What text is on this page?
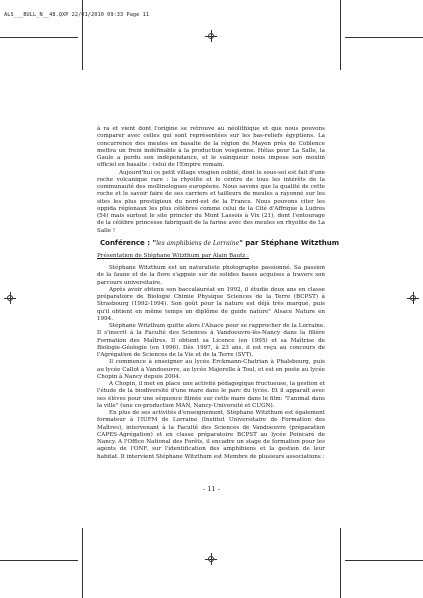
ALS___BULL_N__48.QXP 22/01/2010 09:33 Page 11

à ra et vient dont l'origine se retrouve au néolithique et que nous pouvons comparer avec celles qui sont représentées sur les bas-reliefs égyptiens. La concurrence des meules en basalte de la région de Mayen près de Coblence mettra un frein indéfinable à la production vosgienne. Hélas pour La Salle, la Gaule a perdu son indépendance, et le vainqueur nous impose son moulin officiel en basalte : celui de l'Empire romain.

Aujourd'hui ce petit village vosgien oublié, dont le sous-sol est fait d'une roche volcanique rare : la rhyolite et le centre de tous les intérêts de la communauté des mollinologues européens. Nous savons que la qualité de cette roche et le savoir faire de ses carriers et tailleurs de meules a rayonné sur les sites les plus prestigieux du nord-est de la France. Nous pouvons citer les oppida régionaux les plus célèbres comme celui de la Cité d'Affrique à Ludres (54) mais surtout le site princier du Mont Lassois à Vix (21), dont l'entourage de la célèbre princesse fabriquait de la farine avec des meules en rhyolite de La Salle !

Conférence : "les amphibiens de Lorraine" par Stéphane Witzthum

Présentation de Stéphane Witzthum par Alain Bautz :

Stéphane Witzthum est un naturaliste photographe passionné. Sa passion de la faune et de la flore s'appuie sur de solides bases acquises à travers son parcours universitaire.

Après avoir obtenu son baccalauréat en 1992, il étudie deux ans en classe préparatoire de Biologie Chimie Physique Sciences de la Terre (BCPST) à Strasbourg (1992-1994). Son goût pour la nature est déjà très marqué, puis qu'il obtient en même temps un diplôme de guide nature" Alsace Nature en 1994.

Stéphane Witzthum quitte alors l'Alsace pour se rapprocher de la Lorraine. Il s'inscrit à la Faculté des Sciences à Vandoeuvre-lès-Nancy dans la filière Formation des Maîtres. Il obtient sa Licence (en 1995) et sa Maîtrise de Biologie-Géologie (en 1996). Dès 1997, à 23 ans, il est reçu au concours de l'Agrégation de Sciences de la Vie et de la Terre (SVT).

Il commence à enseigner au lycée Erckmann-Chatrian à Phalsbourg, puis au lycée Callot à Vandoeuvre, au lycée Majorelle à Toul, et est en poste au lycée Chopin à Nancy depuis 2004.

A Chopin, il met en place une activité pédagogique fructueuse, la gestion et l'étude de la biodiversité d'une mare dans le parc du lycée. Et il apparaît avec ses élèves pour une séquence filmée sur cette mare dans le film: "l'animal dans la ville" (une co-production MAN, Nancy-Université et CUGN).

En plus de ses activités d'enseignement, Stéphane Witzthum est également formateur à l'IUFM de Lorraine (Institut Universitaire de Formation des Maîtres), intervenant à la Faculté des Sciences de Vandoeuvre (préparation CAPES-Agrégation) et en classe préparatoire BCPST au lycée Poincaré de Nancy. A l'Office National des Forêts, il encadre un stage de formation pour les agents de l'ONF, sur l'identification des amphibiens et la gestion de leur habitat. Il intervient Stéphane Witzthum est Membre de plusieurs associations :

- 11 -
